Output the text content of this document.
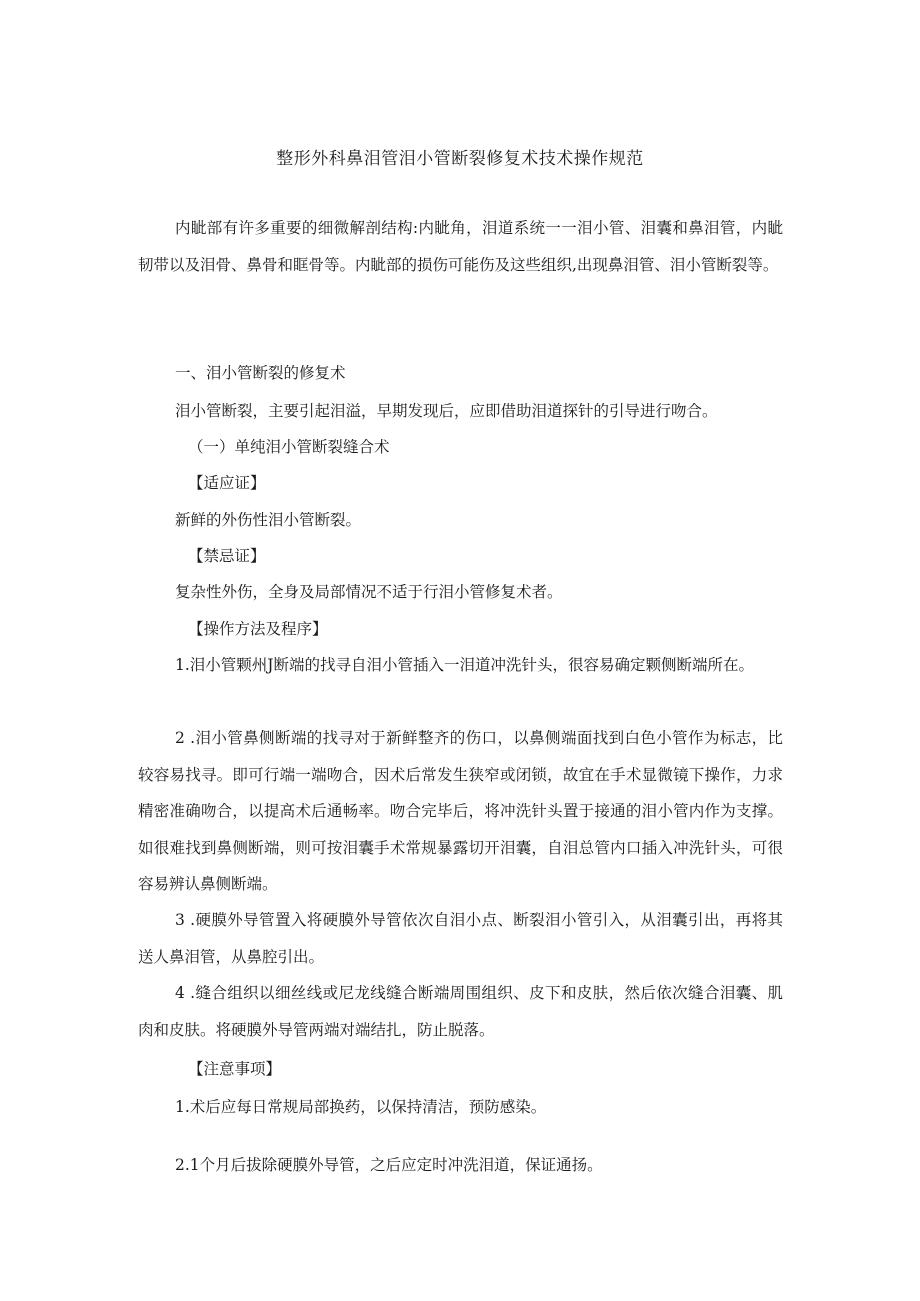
整形外科鼻泪管泪小管断裂修复术技术操作规范

内眦部有许多重要的细微解剖结构:内眦角，泪道系统一一泪小管、泪囊和鼻泪管，内眦韧带以及泪骨、鼻骨和眶骨等。内眦部的损伤可能伤及这些组织,出现鼻泪管、泪小管断裂等。

一、泪小管断裂的修复术

泪小管断裂，主要引起泪溢，早期发现后，应即借助泪道探针的引导进行吻合。

（一）单纯泪小管断裂缝合术

【适应证】

新鲜的外伤性泪小管断裂。

【禁忌证】

复杂性外伤，全身及局部情况不适于行泪小管修复术者。

【操作方法及程序】

1.泪小管颗州J断端的找寻自泪小管插入一泪道冲洗针头，很容易确定颗侧断端所在。

2 .泪小管鼻侧断端的找寻对于新鲜整齐的伤口，以鼻侧端面找到白色小管作为标志，比较容易找寻。即可行端一端吻合，因术后常发生狭窄或闭锁，故宜在手术显微镜下操作，力求精密准确吻合，以提高术后通畅率。吻合完毕后，将冲洗针头置于接通的泪小管内作为支撑。如很难找到鼻侧断端，则可按泪囊手术常规暴露切开泪囊，自泪总管内口插入冲洗针头，可很容易辨认鼻侧断端。

3 .硬膜外导管置入将硬膜外导管依次自泪小点、断裂泪小管引入，从泪囊引出，再将其送人鼻泪管，从鼻腔引出。

4 .缝合组织以细丝线或尼龙线缝合断端周围组织、皮下和皮肤，然后依次缝合泪囊、肌肉和皮肤。将硬膜外导管两端对端结扎，防止脱落。

【注意事项】

1.术后应每日常规局部换药，以保持清洁，预防感染。

2.1个月后拔除硬膜外导管，之后应定时冲洗泪道，保证通扬。
